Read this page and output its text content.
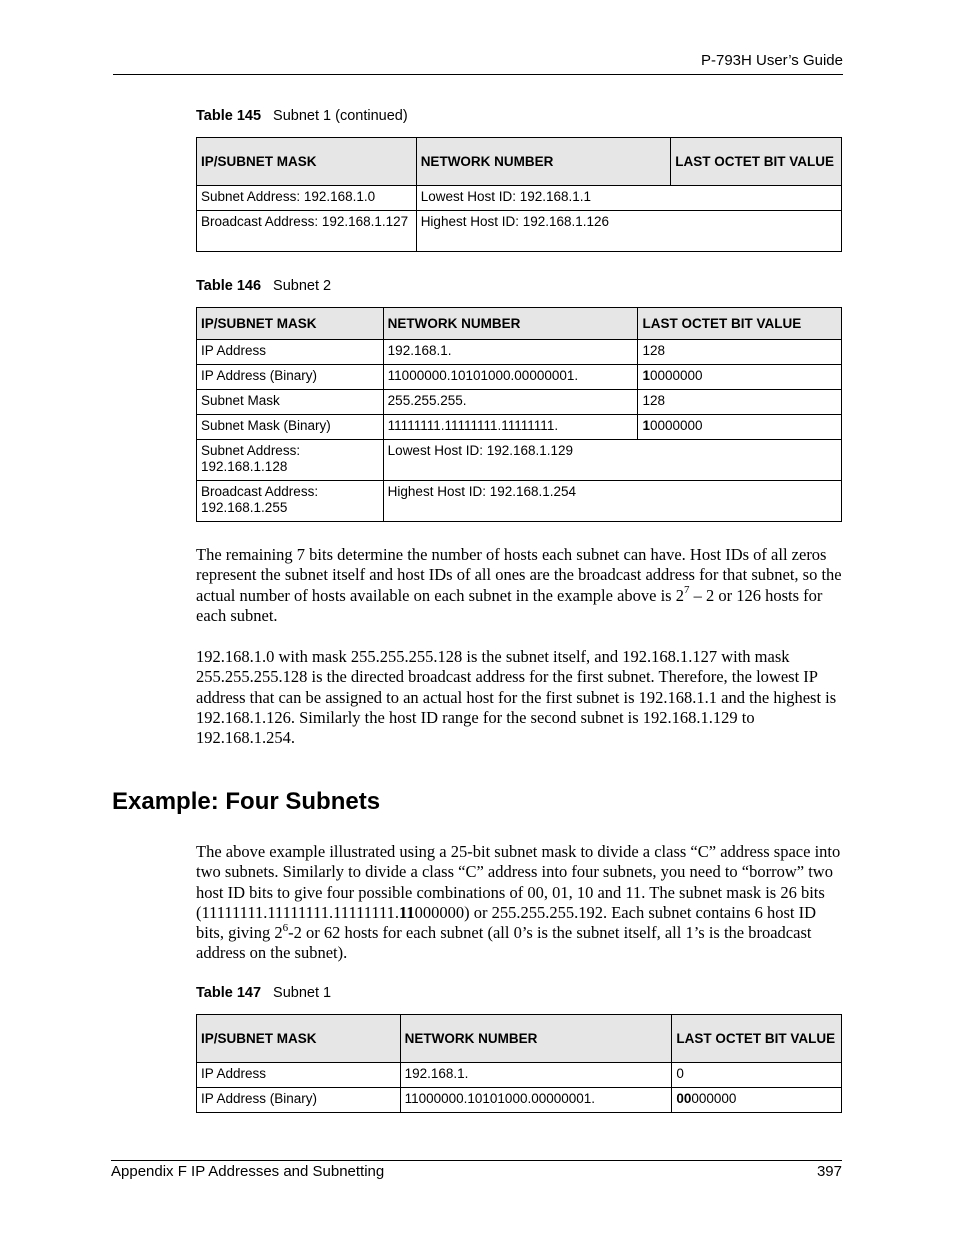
P-793H User’s Guide
Table 145 Subnet 1 (continued)
IP/SUBNET MASK	NETWORK NUMBER	LAST OCTET BIT VALUE
Subnet Address: 192.168.1.0	Lowest Host ID: 192.168.1.1	
Broadcast Address: 192.168.1.127	Highest Host ID: 192.168.1.126	
Table 146 Subnet 2
IP/SUBNET MASK	NETWORK NUMBER	LAST OCTET BIT VALUE
IP Address	192.168.1.	128
IP Address (Binary)	11000000.10101000.00000001.	10000000
Subnet Mask	255.255.255.	128
Subnet Mask (Binary)	11111111.11111111.11111111.	10000000
Subnet Address: 192.168.1.128	Lowest Host ID: 192.168.1.129	
Broadcast Address: 192.168.1.255	Highest Host ID: 192.168.1.254	
The remaining 7 bits determine the number of hosts each subnet can have. Host IDs of all zeros represent the subnet itself and host IDs of all ones are the broadcast address for that subnet, so the actual number of hosts available on each subnet in the example above is $2^7 - 2$ or 126 hosts for each subnet.
192.168.1.0 with mask 255.255.255.128 is the subnet itself, and 192.168.1.127 with mask 255.255.255.128 is the directed broadcast address for the first subnet. Therefore, the lowest IP address that can be assigned to an actual host for the first subnet is 192.168.1.1 and the highest is 192.168.1.126. Similarly the host ID range for the second subnet is 192.168.1.129 to 192.168.1.254.
Example: Four Subnets
The above example illustrated using a 25-bit subnet mask to divide a class “C” address space into two subnets. Similarly to divide a class “C” address into four subnets, you need to “borrow” two host ID bits to give four possible combinations of 00, 01, 10 and 11. The subnet mask is 26 bits (11111111.11111111.11111111.11000000) or 255.255.255.192. Each subnet contains 6 host ID bits, giving $2^6-2$ or 62 hosts for each subnet (all 0’s is the subnet itself, all 1’s is the broadcast address on the subnet).
Table 147 Subnet 1
IP/SUBNET MASK	NETWORK NUMBER	LAST OCTET BIT VALUE
IP Address	192.168.1.	0
IP Address (Binary)	11000000.10101000.00000001.	00000000
Appendix F IP Addresses and Subnetting	397
